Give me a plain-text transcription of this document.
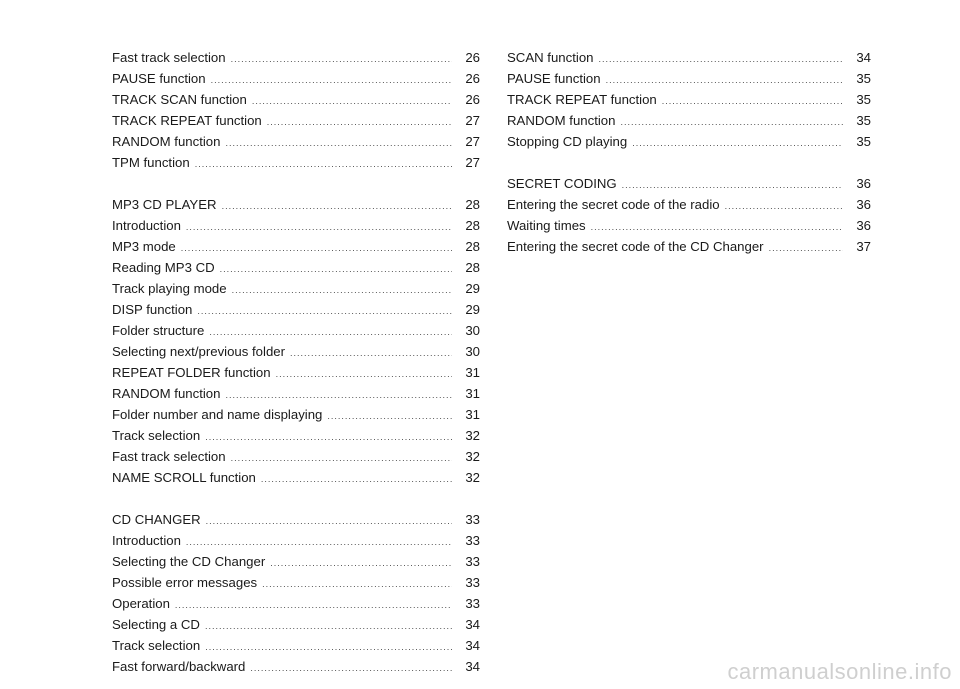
Fast track selection .....	26
PAUSE function .....	26
TRACK SCAN function .....	26
TRACK REPEAT function .....	27
RANDOM function .....	27
TPM function .....	27
MP3 CD PLAYER .....	28
Introduction .....	28
MP3 mode .....	28
Reading MP3 CD .....	28
Track playing mode .....	29
DISP function .....	29
Folder structure .....	30
Selecting next/previous folder .....	30
REPEAT FOLDER function .....	31
RANDOM function .....	31
Folder number and name displaying .....	31
Track selection .....	32
Fast track selection .....	32
NAME SCROLL function .....	32
CD CHANGER .....	33
Introduction .....	33
Selecting the CD Changer .....	33
Possible error messages .....	33
Operation .....	33
Selecting a CD .....	34
Track selection .....	34
Fast forward/backward .....	34
SCAN function .....	34
PAUSE function .....	35
TRACK REPEAT function .....	35
RANDOM function .....	35
Stopping CD playing .....	35
SECRET CODING .....	36
Entering the secret code of the radio .....	36
Waiting times .....	36
Entering the secret code of the CD Changer .....	37
carmanualsonline.info
